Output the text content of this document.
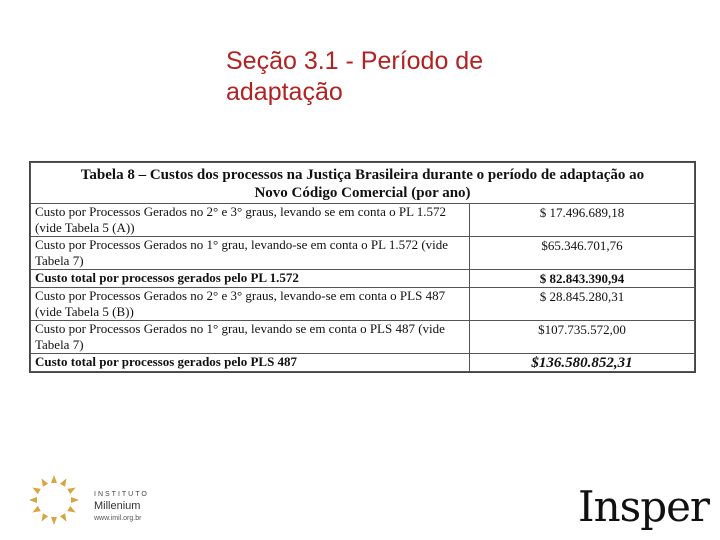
Seção 3.1 - Período de
adaptação
Tabela 8 – Custos dos processos na Justiça Brasileira durante o período de adaptação ao
Novo Código Comercial (por ano)	

Custo por Processos Gerados no 2° e 3° graus, levando se em conta o PL 1.572 (vide Tabela 5 (A))	$ 17.496.689,18
Custo por Processos Gerados no 1° grau, levando-se em conta o PL 1.572 (vide Tabela 7)	$65.346.701,76
Custo total por processos gerados pelo PL 1.572	$ 82.843.390,94
Custo por Processos Gerados no 2° e 3° graus, levando-se em conta o PLS 487 (vide Tabela 5 (B))	$ 28.845.280,31
Custo por Processos Gerados no 1° grau, levando se em conta o PLS 487 (vide Tabela 7)	$107.735.572,00
Custo total por processos gerados pelo PLS 487	$136.580.852,31
INSTITUTO
Millenium
www.imil.org.br	Insper
